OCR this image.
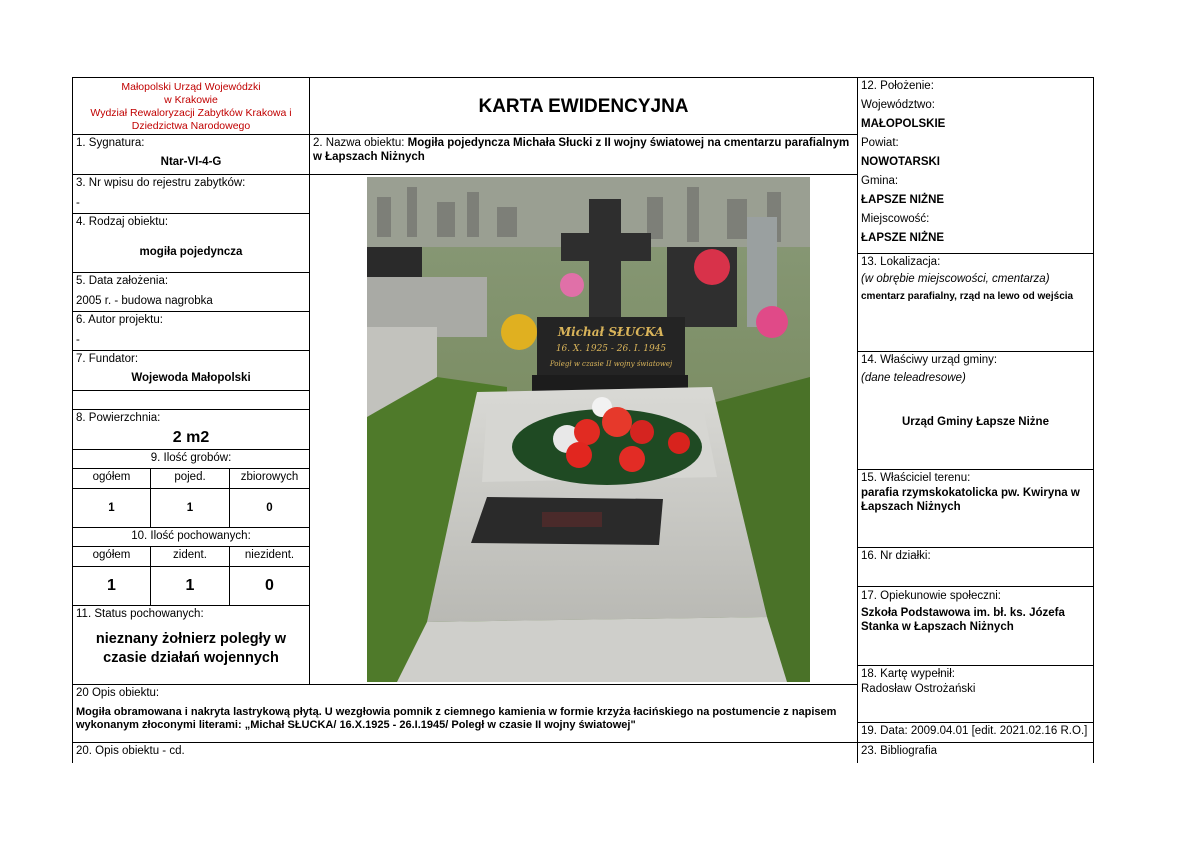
Małopolski Urząd Wojewódzki
w Krakowie
Wydział Rewaloryzacji Zabytków Krakowa i
Dziedzictwa Narodowego
KARTA EWIDENCYJNA
1. Sygnatura:
Ntar-VI-4-G
3. Nr wpisu do rejestru zabytków:
-
4. Rodzaj obiektu:
mogiła pojedyncza
5. Data założenia:
2005 r. - budowa nagrobka
6. Autor projektu:
-
7. Fundator:
Wojewoda Małopolski
8. Powierzchnia:
2 m2
9. Ilość grobów:
ogółem	pojed.	zbiorowych
1	1	0
10. Ilość pochowanych:
ogółem	zident.	niezident.
1	1	0
11. Status pochowanych:
nieznany żołnierz poległy w
czasie działań wojennych
2. Nazwa obiektu: Mogiła pojedyncza Michała Słucki z II wojny światowej na cmentarzu parafialnym w Łapszach Niżnych
Michał SŁUCKA
16. X. 1925 - 26. I. 1945
Poległ w czasie II wojny światowej
12. Położenie:
Województwo:
MAŁOPOLSKIE
Powiat:
NOWOTARSKI
Gmina:
ŁAPSZE NIŻNE
Miejscowość:
ŁAPSZE NIŻNE
13. Lokalizacja:
(w obrębie miejscowości, cmentarza)
cmentarz parafialny, rząd na lewo od wejścia
14. Właściwy urząd gminy:
(dane teleadresowe)
Urząd Gminy Łapsze Niżne
15. Właściciel terenu:
parafia rzymskokatolicka pw. Kwiryna w Łapszach Niżnych
16. Nr działki:
17. Opiekunowie społeczni:
Szkoła Podstawowa im. bł. ks. Józefa Stanka w Łapszach Niżnych
18. Kartę wypełnił:
Radosław Ostrożański
19. Data: 2009.04.01 [edit. 2021.02.16 R.O.]
23. Bibliografia
20 Opis obiektu:
Mogiła obramowana i nakryta lastrykową płytą. U wezgłowia pomnik z ciemnego kamienia w formie krzyża łacińskiego na postumencie z napisem wykonanym złoconymi literami: „Michał SŁUCKA/ 16.X.1925 - 26.I.1945/ Poległ w czasie II wojny światowej"
20. Opis obiektu - cd.
